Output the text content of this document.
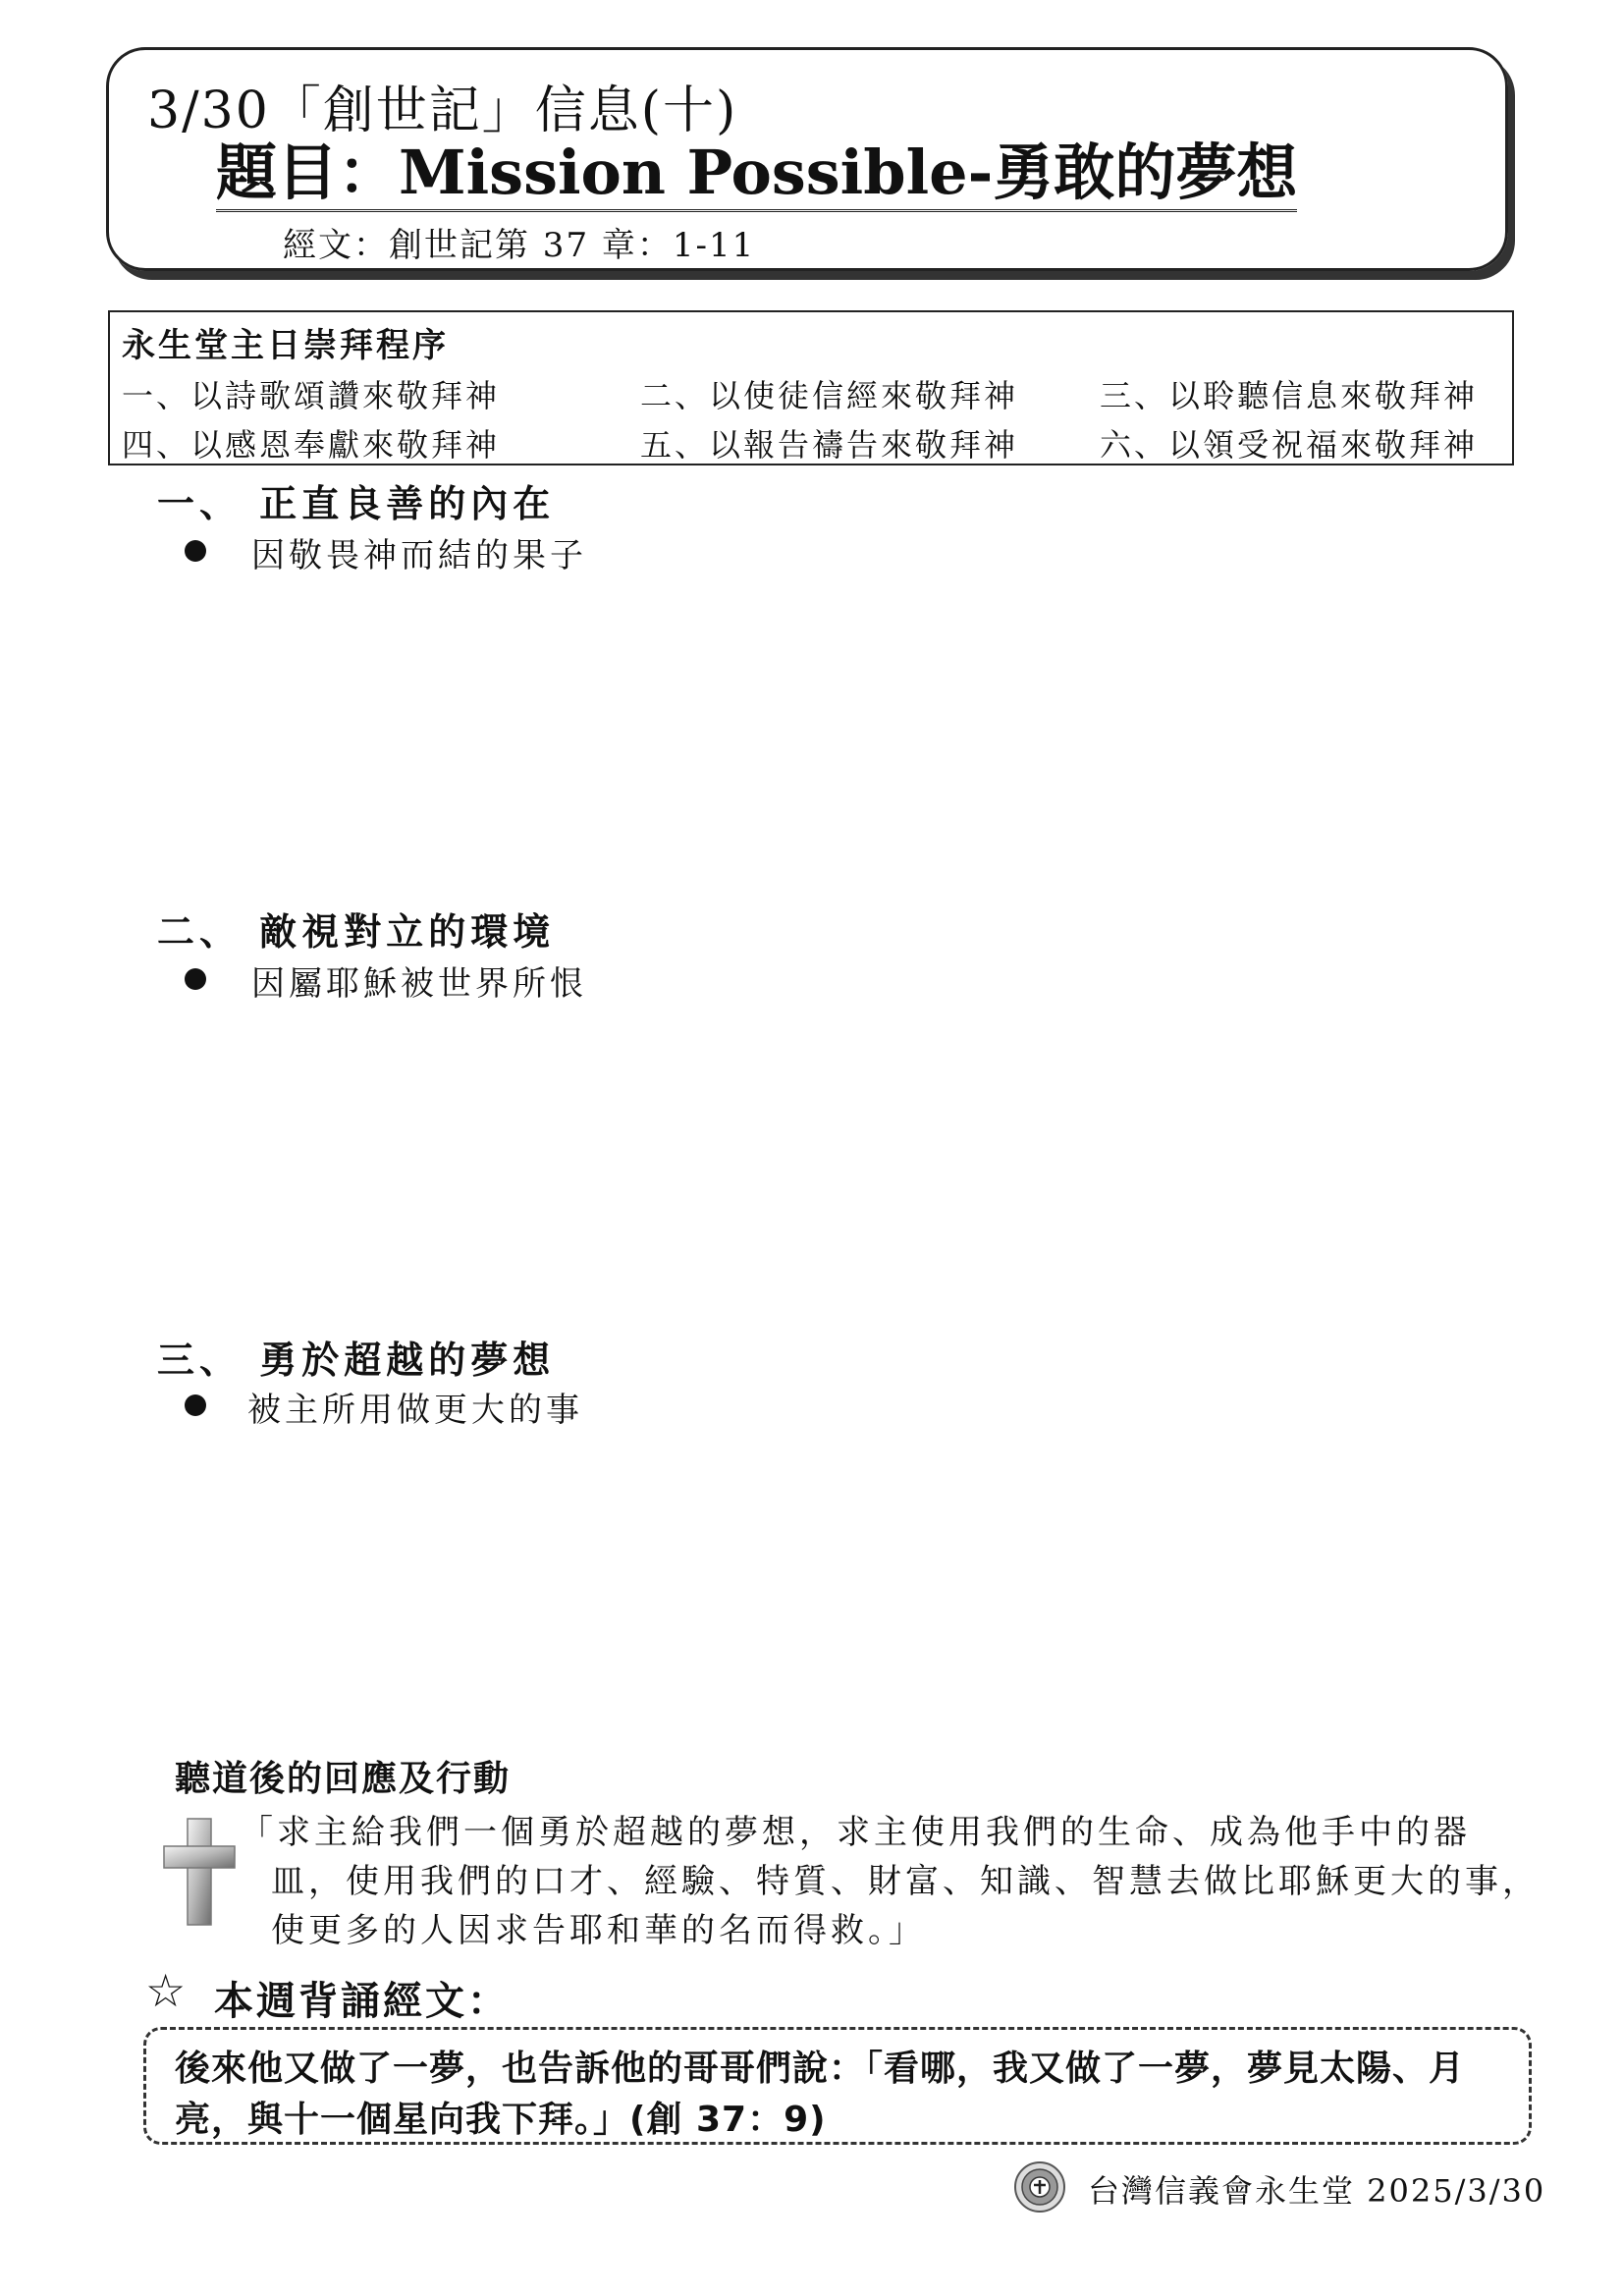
3/30「創世記」信息(十)
題目：Mission Possible-勇敢的夢想
經文：創世記第 37 章：1-11
永生堂主日崇拜程序
一、以詩歌頌讚來敬拜神	二、以使徒信經來敬拜神	三、以聆聽信息來敬拜神
四、以感恩奉獻來敬拜神	五、以報告禱告來敬拜神	六、以領受祝福來敬拜神
一、 正直良善的內在
因敬畏神而結的果子
二、 敵視對立的環境
因屬耶穌被世界所恨
三、 勇於超越的夢想
被主所用做更大的事
聽道後的回應及行動
「求主給我們一個勇於超越的夢想，求主使用我們的生命、成為他手中的器
皿，使用我們的口才、經驗、特質、財富、知識、智慧去做比耶穌更大的事，
使更多的人因求告耶和華的名而得救。」
☆ 本週背誦經文：
後來他又做了一夢，也告訴他的哥哥們說：「看哪，我又做了一夢，夢見太陽、月
亮，與十一個星向我下拜。」(創 37：9)
台灣信義會永生堂 2025/3/30
